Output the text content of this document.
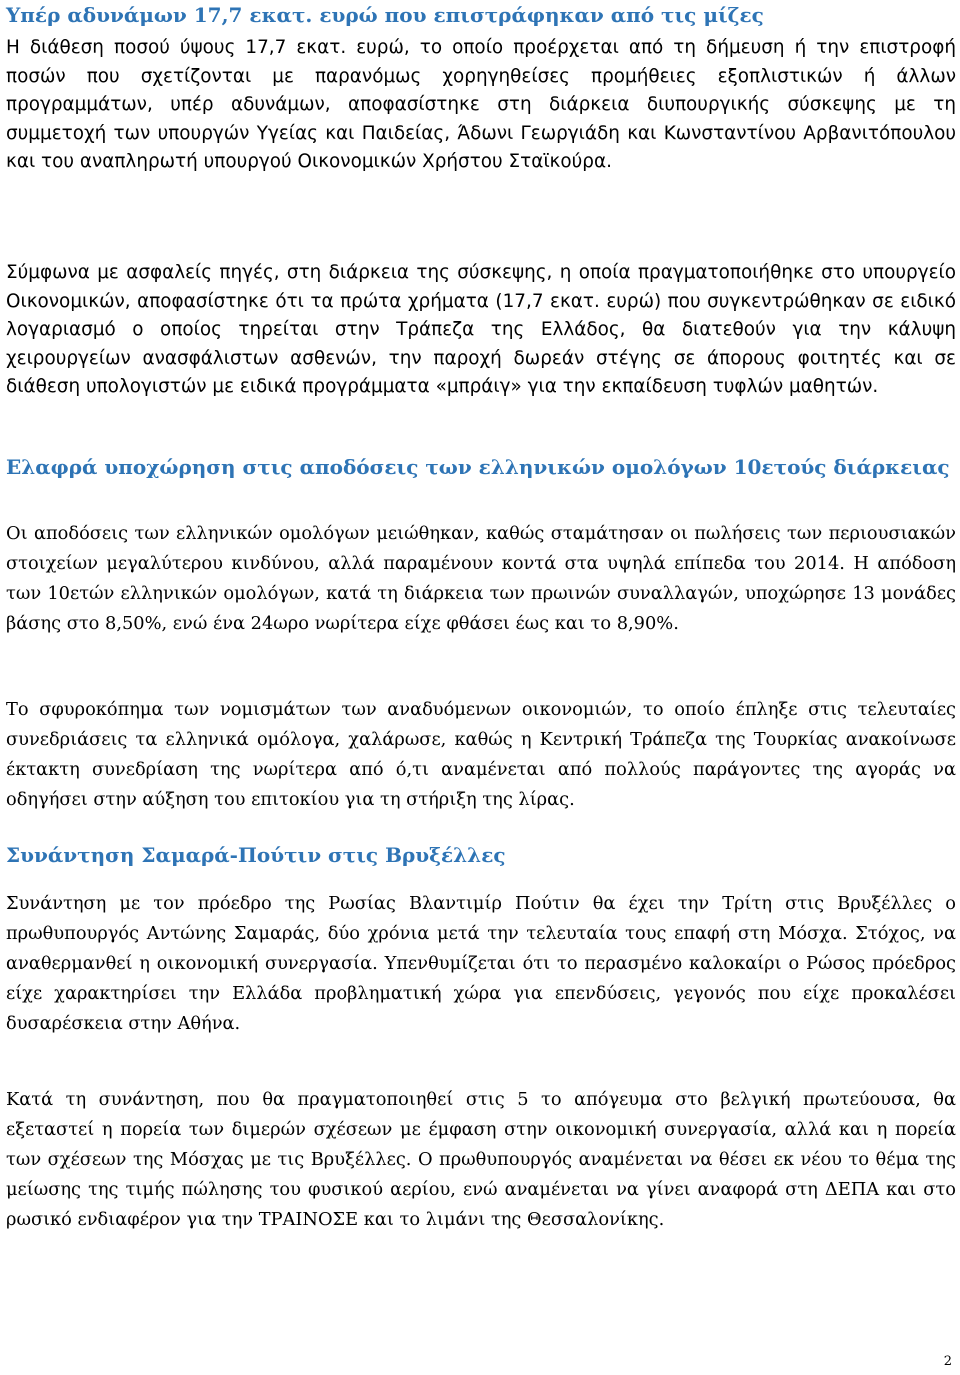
Υπέρ αδυνάμων 17,7 εκατ. ευρώ που επιστράφηκαν από τις μίζες

Η διάθεση ποσού ύψους 17,7 εκατ. ευρώ, το οποίο προέρχεται από τη δήμευση ή την επιστροφή ποσών που σχετίζονται με παρανόμως χορηγηθείσες προμήθειες εξοπλιστικών ή άλλων προγραμμάτων, υπέρ αδυνάμων, αποφασίστηκε στη διάρκεια διυπουργικής σύσκεψης με τη συμμετοχή των υπουργών Υγείας και Παιδείας, Άδωνι Γεωργιάδη και Κωνσταντίνου Αρβανιτόπουλου και του αναπληρωτή υπουργού Οικονομικών Χρήστου Σταϊκούρα.

Σύμφωνα με ασφαλείς πηγές, στη διάρκεια της σύσκεψης, η οποία πραγματοποιήθηκε στο υπουργείο Οικονομικών, αποφασίστηκε ότι τα πρώτα χρήματα (17,7 εκατ. ευρώ) που συγκεντρώθηκαν σε ειδικό λογαριασμό ο οποίος τηρείται στην Τράπεζα της Ελλάδος, θα διατεθούν για την κάλυψη χειρουργείων ανασφάλιστων ασθενών, την παροχή δωρεάν στέγης σε άπορους φοιτητές και σε διάθεση υπολογιστών με ειδικά προγράμματα «μπράιγ» για την εκπαίδευση τυφλών μαθητών.

Ελαφρά υποχώρηση στις αποδόσεις των ελληνικών ομολόγων 10ετούς διάρκειας

Οι αποδόσεις των ελληνικών ομολόγων μειώθηκαν, καθώς σταμάτησαν οι πωλήσεις των περιουσιακών στοιχείων μεγαλύτερου κινδύνου, αλλά παραμένουν κοντά στα υψηλά επίπεδα του 2014. Η απόδοση των 10ετών ελληνικών ομολόγων, κατά τη διάρκεια των πρωινών συναλλαγών, υποχώρησε 13 μονάδες βάσης στο 8,50%, ενώ ένα 24ωρο νωρίτερα είχε φθάσει έως και το 8,90%.

Το σφυροκόπημα των νομισμάτων των αναδυόμενων οικονομιών, το οποίο έπληξε στις τελευταίες συνεδριάσεις τα ελληνικά ομόλογα, χαλάρωσε, καθώς η Κεντρική Τράπεζα της Τουρκίας ανακοίνωσε έκτακτη συνεδρίαση της νωρίτερα από ό,τι αναμένεται από πολλούς παράγοντες της αγοράς να οδηγήσει στην αύξηση του επιτοκίου για τη στήριξη της λίρας.

Συνάντηση Σαμαρά-Πούτιν στις Βρυξέλλες

Συνάντηση με τον πρόεδρο της Ρωσίας Βλαντιμίρ Πούτιν θα έχει την Τρίτη στις Βρυξέλλες ο πρωθυπουργός Αντώνης Σαμαράς, δύο χρόνια μετά την τελευταία τους επαφή στη Μόσχα. Στόχος, να αναθερμανθεί η οικονομική συνεργασία. Υπενθυμίζεται ότι το περασμένο καλοκαίρι ο Ρώσος πρόεδρος είχε χαρακτηρίσει την Ελλάδα προβληματική χώρα για επενδύσεις, γεγονός που είχε προκαλέσει δυσαρέσκεια στην Αθήνα.

Κατά τη συνάντηση, που θα πραγματοποιηθεί στις 5 το απόγευμα στο βελγική πρωτεύουσα, θα εξεταστεί η πορεία των διμερών σχέσεων με έμφαση στην οικονομική συνεργασία, αλλά και η πορεία των σχέσεων της Μόσχας με τις Βρυξέλλες. Ο πρωθυπουργός αναμένεται να θέσει εκ νέου το θέμα της μείωσης της τιμής πώλησης του φυσικού αερίου, ενώ αναμένεται να γίνει αναφορά στη ΔΕΠΑ και στο ρωσικό ενδιαφέρον για την ΤΡΑΙΝΟΣΕ και το λιμάνι της Θεσσαλονίκης.

2
